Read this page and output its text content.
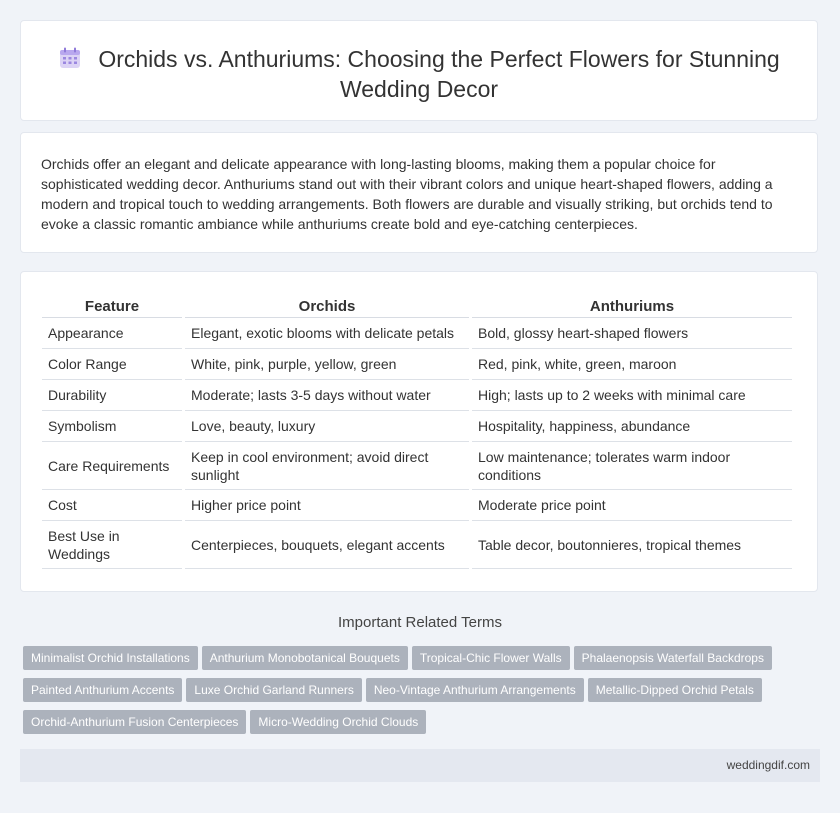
Orchids vs. Anthuriums: Choosing the Perfect Flowers for Stunning Wedding Decor

Orchids offer an elegant and delicate appearance with long-lasting blooms, making them a popular choice for sophisticated wedding decor. Anthuriums stand out with their vibrant colors and unique heart-shaped flowers, adding a modern and tropical touch to wedding arrangements. Both flowers are durable and visually striking, but orchids tend to evoke a classic romantic ambiance while anthuriums create bold and eye-catching centerpieces.

Feature	Orchids	Anthuriums
Appearance	Elegant, exotic blooms with delicate petals	Bold, glossy heart-shaped flowers
Color Range	White, pink, purple, yellow, green	Red, pink, white, green, maroon
Durability	Moderate; lasts 3-5 days without water	High; lasts up to 2 weeks with minimal care
Symbolism	Love, beauty, luxury	Hospitality, happiness, abundance
Care Requirements	Keep in cool environment; avoid direct sunlight	Low maintenance; tolerates warm indoor conditions
Cost	Higher price point	Moderate price point
Best Use in Weddings	Centerpieces, bouquets, elegant accents	Table decor, boutonnieres, tropical themes
Important Related Terms
Minimalist Orchid Installations Anthurium Monobotanical Bouquets Tropical-Chic Flower Walls Phalaenopsis Waterfall Backdrops
Painted Anthurium Accents Luxe Orchid Garland Runners Neo-Vintage Anthurium Arrangements Metallic-Dipped Orchid Petals
Orchid-Anthurium Fusion Centerpieces Micro-Wedding Orchid Clouds
weddingdif.com
